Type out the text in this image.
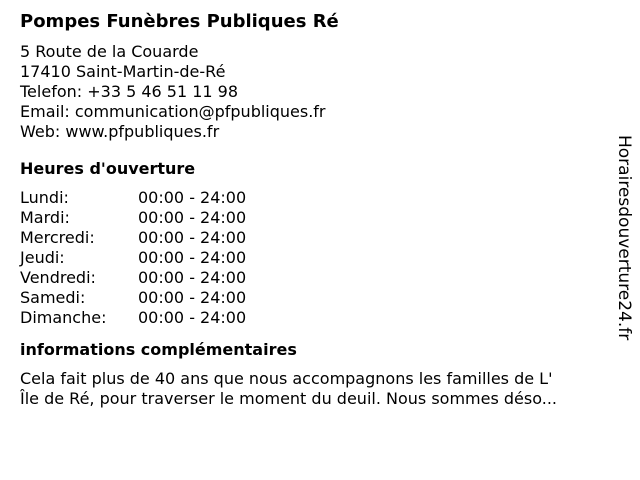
Pompes Funèbres Publiques Ré
5 Route de la Couarde
17410 Saint-Martin-de-Ré
Telefon: +33 5 46 51 11 98
Email: communication@pfpubliques.fr
Web: www.pfpubliques.fr
Heures d'ouverture
Lundi:	00:00 - 24:00
Mardi:	00:00 - 24:00
Mercredi:	00:00 - 24:00
Jeudi:	00:00 - 24:00
Vendredi:	00:00 - 24:00
Samedi:	00:00 - 24:00
Dimanche: 00:00 - 24:00
informations complémentaires
Cela fait plus de 40 ans que nous accompagnons les familles de L'
Île de Ré, pour traverser le moment du deuil. Nous sommes déso...
Horairesdouverture24.fr
